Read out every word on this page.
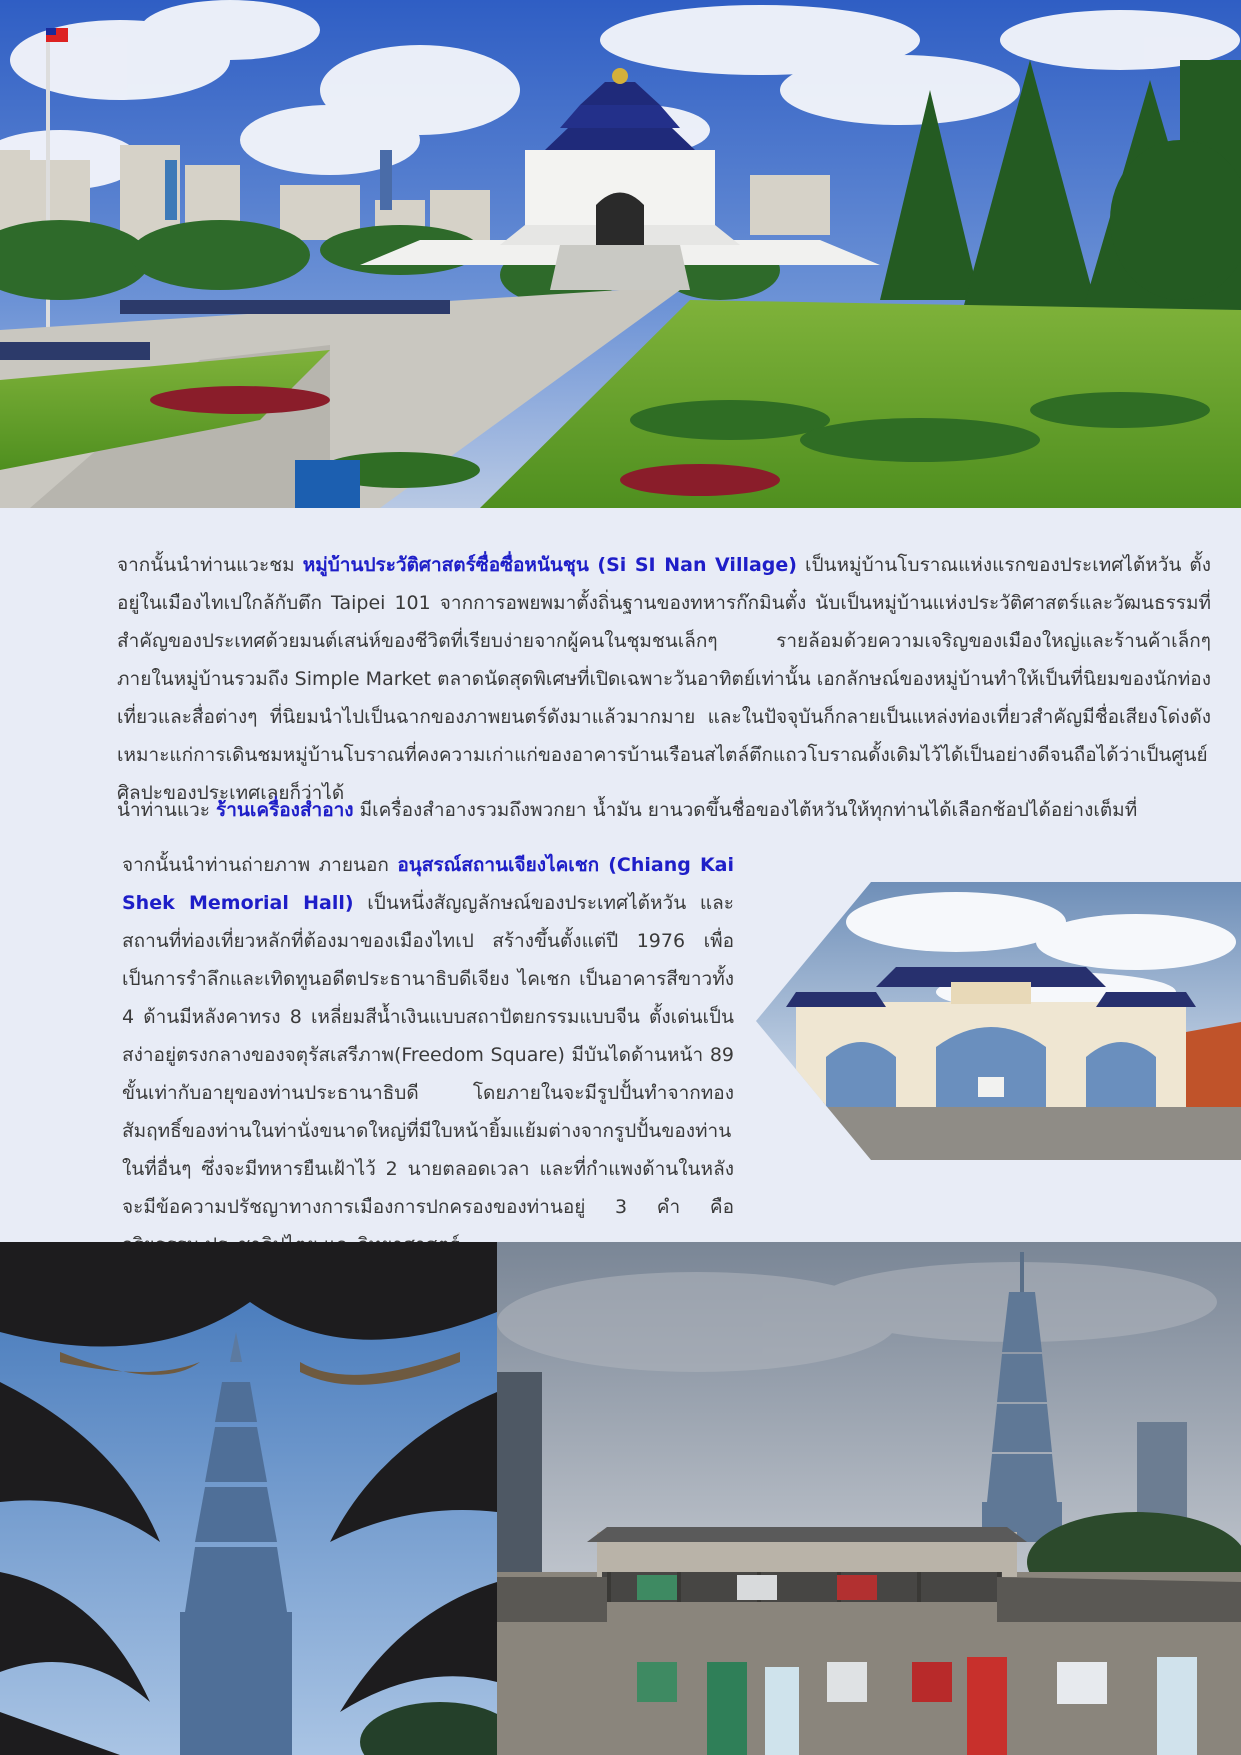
จากนั้นนำท่านแวะชม หมู่บ้านประวัติศาสตร์ซื่อซื่อหนันชุน (Si SI Nan Village) เป็นหมู่บ้านโบราณแห่งแรกของประเทศไต้หวัน ตั้งอยู่ในเมืองไทเปใกล้กับตึก Taipei 101 จากการอพยพมาตั้งถิ่นฐานของทหารก๊กมินตั๋ง นับเป็นหมู่บ้านแห่งประวัติศาสตร์และวัฒนธรรมที่สำคัญของประเทศด้วยมนต์เสน่ห์ของชีวิตที่เรียบง่ายจากผู้คนในชุมชนเล็กๆ รายล้อมด้วยความเจริญของเมืองใหญ่และร้านค้าเล็กๆ ภายในหมู่บ้านรวมถึง Simple Market ตลาดนัดสุดพิเศษที่เปิดเฉพาะวันอาทิตย์เท่านั้น เอกลักษณ์ของหมู่บ้านทำให้เป็นที่นิยมของนักท่องเที่ยวและสื่อต่างๆ ที่นิยมนำไปเป็นฉากของภาพยนตร์ดังมาแล้วมากมาย และในปัจจุบันก็กลายเป็นแหล่งท่องเที่ยวสำคัญมีชื่อเสียงโด่งดังเหมาะแก่การเดินชมหมู่บ้านโบราณที่คงความเก่าแก่ของอาคารบ้านเรือนสไตล์ตึกแถวโบราณดั้งเดิมไว้ได้เป็นอย่างดีจนถือได้ว่าเป็นศูนย์ศิลปะของประเทศเลยก็ว่าได้

นำท่านแวะ ร้านเครื่องสำอาง มีเครื่องสำอางรวมถึงพวกยา น้ำมัน ยานวดขึ้นชื่อของไต้หวันให้ทุกท่านได้เลือกช้อปได้อย่างเต็มที่

จากนั้นนำท่านถ่ายภาพ ภายนอก อนุสรณ์สถานเจียงไคเชก (Chiang Kai Shek Memorial Hall) เป็นหนึ่งสัญญลักษณ์ของประเทศไต้หวัน และสถานที่ท่องเที่ยวหลักที่ต้องมาของเมืองไทเป สร้างขึ้นตั้งแต่ปี 1976 เพื่อเป็นการรำลึกและเทิดทูนอดีตประธานาธิบดีเจียง ไคเชก เป็นอาคารสีขาวทั้ง 4 ด้านมีหลังคาทรง 8 เหลี่ยมสีน้ำเงินแบบสถาปัตยกรรมแบบจีน ตั้งเด่นเป็นสง่าอยู่ตรงกลางของจตุรัสเสรีภาพ(Freedom Square) มีบันไดด้านหน้า 89 ขั้นเท่ากับอายุของท่านประธานาธิบดี โดยภายในจะมีรูปปั้นทำจากทองสัมฤทธิ์ของท่านในท่านั่งขนาดใหญ่ที่มีใบหน้ายิ้มแย้มต่างจากรูปปั้นของท่านในที่อื่นๆ ซึ่งจะมีทหารยืนเฝ้าไว้ 2 นายตลอดเวลา และที่กำแพงด้านในหลังจะมีข้อความปรัชญาทางการเมืองการปกครองของท่านอยู่ 3 คำ คือ
